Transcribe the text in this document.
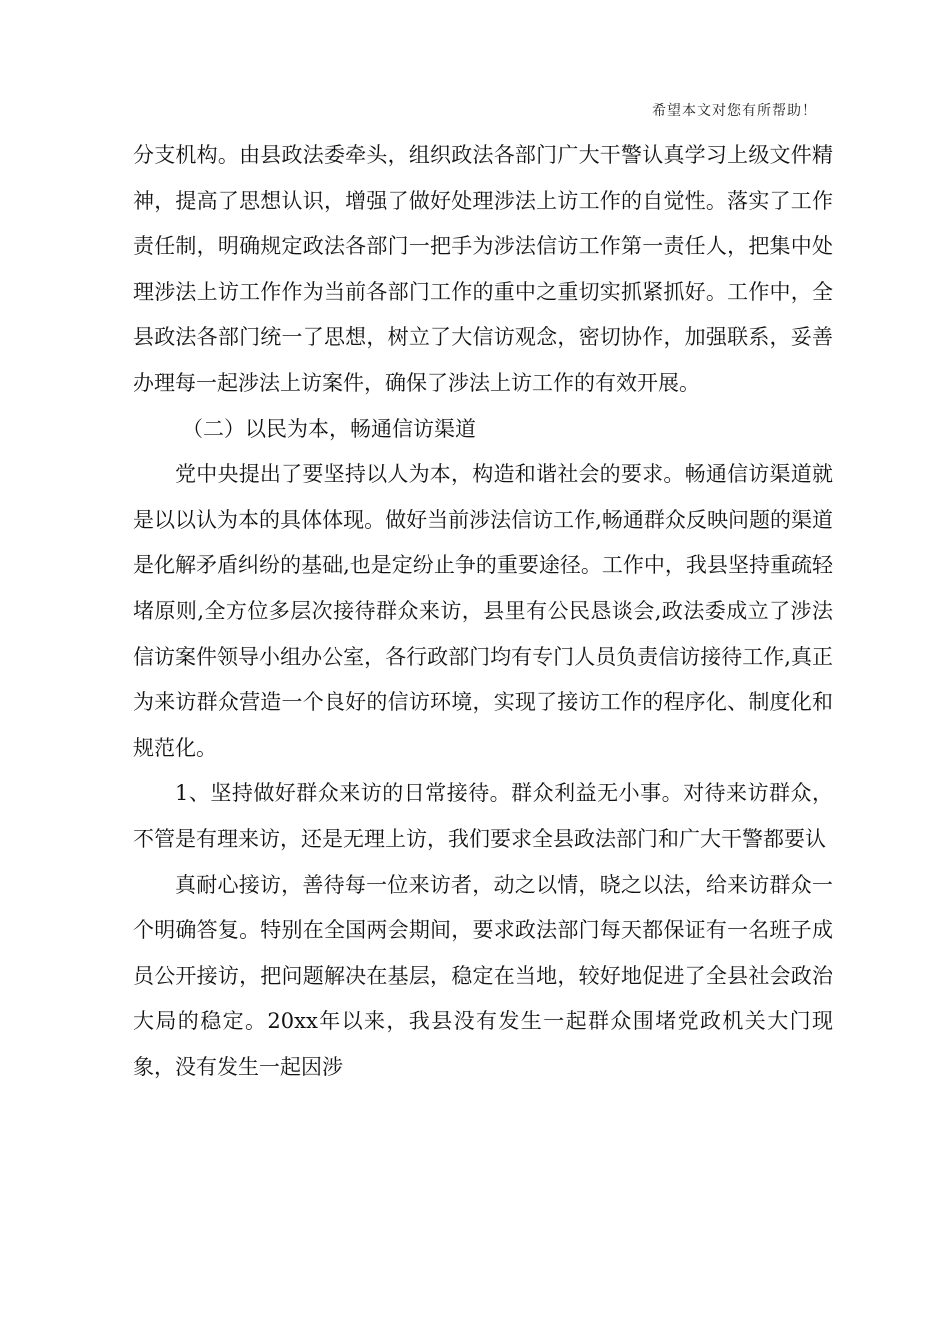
希望本文对您有所帮助！

分支机构。由县政法委牵头，组织政法各部门广大干警认真学习上级文件精神，提高了思想认识，增强了做好处理涉法上访工作的自觉性。落实了工作责任制，明确规定政法各部门一把手为涉法信访工作第一责任人，把集中处理涉法上访工作作为当前各部门工作的重中之重切实抓紧抓好。工作中，全县政法各部门统一了思想，树立了大信访观念，密切协作，加强联系，妥善办理每一起涉法上访案件，确保了涉法上访工作的有效开展。

（二）以民为本，畅通信访渠道

党中央提出了要坚持以人为本，构造和谐社会的要求。畅通信访渠道就是以以认为本的具体体现。做好当前涉法信访工作,畅通群众反映问题的渠道是化解矛盾纠纷的基础,也是定纷止争的重要途径。工作中，我县坚持重疏轻堵原则,全方位多层次接待群众来访，县里有公民恳谈会,政法委成立了涉法信访案件领导小组办公室，各行政部门均有专门人员负责信访接待工作,真正为来访群众营造一个良好的信访环境，实现了接访工作的程序化、制度化和规范化。

1、坚持做好群众来访的日常接待。群众利益无小事。对待来访群众，不管是有理来访，还是无理上访，我们要求全县政法部门和广大干警都要认

真耐心接访，善待每一位来访者，动之以情，晓之以法，给来访群众一个明确答复。特别在全国两会期间，要求政法部门每天都保证有一名班子成员公开接访，把问题解决在基层，稳定在当地，较好地促进了全县社会政治大局的稳定。20xx年以来，我县没有发生一起群众围堵党政机关大门现象，没有发生一起因涉
